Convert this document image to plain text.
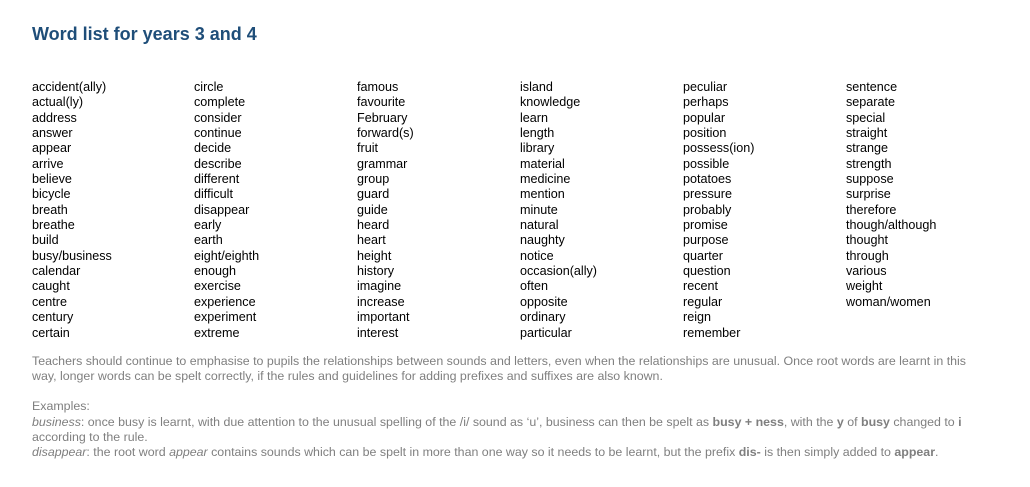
Word list for years 3 and 4
accident(ally)
actual(ly)
address
answer
appear
arrive
believe
bicycle
breath
breathe
build
busy/business
calendar
caught
centre
century
certain
circle
complete
consider
continue
decide
describe
different
difficult
disappear
early
earth
eight/eighth
enough
exercise
experience
experiment
extreme
famous
favourite
February
forward(s)
fruit
grammar
group
guard
guide
heard
heart
height
history
imagine
increase
important
interest
island
knowledge
learn
length
library
material
medicine
mention
minute
natural
naughty
notice
occasion(ally)
often
opposite
ordinary
particular
peculiar
perhaps
popular
position
possess(ion)
possible
potatoes
pressure
probably
promise
purpose
quarter
question
recent
regular
reign
remember
sentence
separate
special
straight
strange
strength
suppose
surprise
therefore
though/although
thought
through
various
weight
woman/women

Teachers should continue to emphasise to pupils the relationships between sounds and letters, even when the relationships are unusual. Once root words are learnt in this way, longer words can be spelt correctly, if the rules and guidelines for adding prefixes and suffixes are also known.

Examples:

business: once busy is learnt, with due attention to the unusual spelling of the /i/ sound as ‘u’, business can then be spelt as busy + ness, with the y of busy changed to i according to the rule.

disappear: the root word appear contains sounds which can be spelt in more than one way so it needs to be learnt, but the prefix dis- is then simply added to appear.
